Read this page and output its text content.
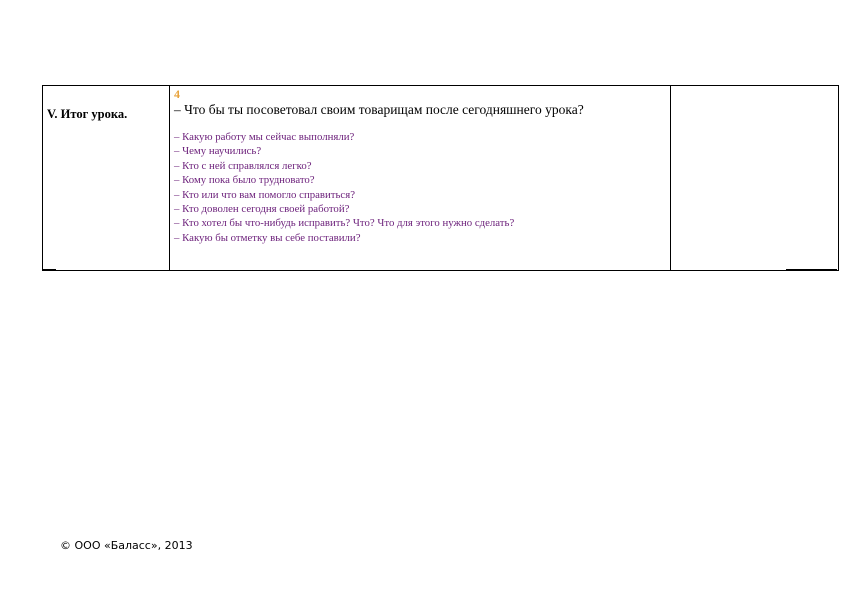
V. Итог урока.

4
– Что бы ты посоветовал своим товарищам после сегодняшнего урока?
– Какую работу мы сейчас выполняли?
– Чему научились?
– Кто с ней справлялся легко?
– Кому пока было трудновато?
– Кто или что вам помогло справиться?
– Кто доволен сегодня своей работой?
– Кто хотел бы что-нибудь исправить? Что? Что для этого нужно сделать?
– Какую бы отметку вы себе поставили?

© ООО «Баласс», 2013
